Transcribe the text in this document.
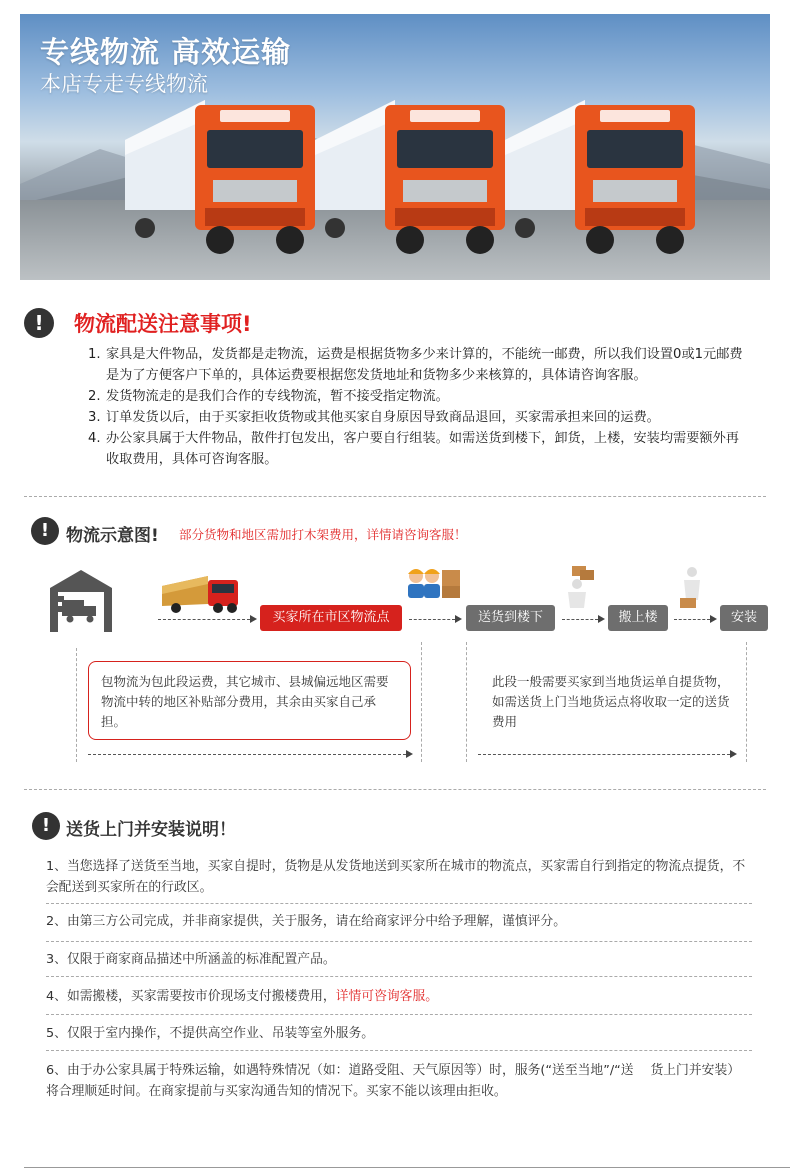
专线物流 高效运输
本店专走专线物流
!	物流配送注意事项!
1. 家具是大件物品，发货都是走物流，运费是根据货物多少来计算的，不能统一邮费，所以我们设置0或1元邮费是为了方便客户下单的，具体运费要根据您发货地址和货物多少来核算的，具体请咨询客服。
2. 发货物流走的是我们合作的专线物流，暂不接受指定物流。
3. 订单发货以后，由于买家拒收货物或其他买家自身原因导致商品退回，买家需承担来回的运费。
4. 办公家具属于大件物品，散件打包发出，客户要自行组装。如需送货到楼下，卸货，上楼，安装均需要额外再收取费用，具体可咨询客服。
! 物流示意图! 部分货物和地区需加打木架费用，详情请咨询客服！
买家所在市区物流点	送货到楼下	搬上楼	安装
包物流为包此段运费，其它城市、县城偏远地区需要物流中转的地区补贴部分费用，其余由买家自己承担。
此段一般需要买家到当地货运单自提货物，如需送货上门当地货运点将收取一定的送货费用
! 送货上门并安装说明！
1、当您选择了送货至当地，买家自提时，货物是从发货地送到买家所在城市的物流点，买家需自行到指定的物流点提货，不会配送到买家所在的行政区。
2、由第三方公司完成，并非商家提供，关于服务，请在给商家评分中给予理解，谨慎评分。
3、仅限于商家商品描述中所涵盖的标准配置产品。
4、如需搬楼，买家需要按市价现场支付搬楼费用，详情可咨询客服。
5、仅限于室内操作，不提供高空作业、吊装等室外服务。
6、由于办公家具属于特殊运输，如遇特殊情况（如：道路受阻、天气原因等）时，服务(“送至当地”/“送　 货上门并安装）将合理顺延时间。在商家提前与买家沟通告知的情况下。买家不能以该理由拒收。
